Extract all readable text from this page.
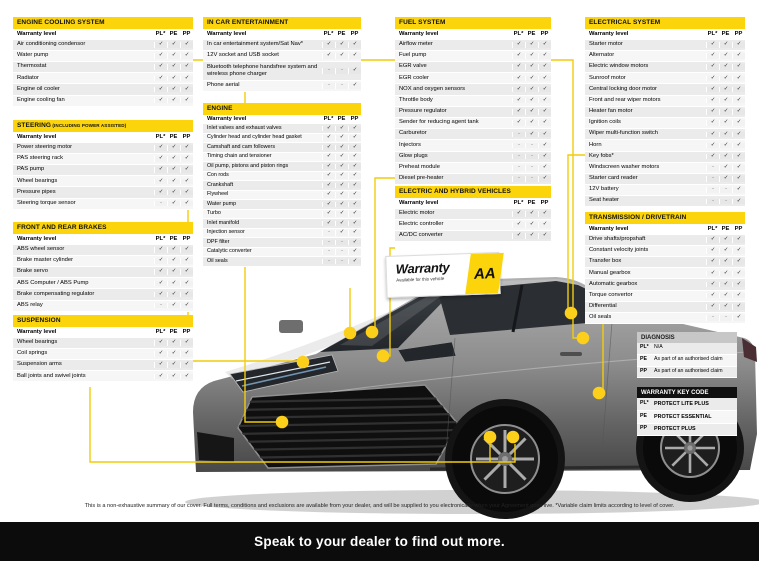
Warranty
Available for this vehicle	AA
ENGINE COOLING SYSTEM
Warranty level	PL* PE PP
Air conditioning condensor	✓	✓	✓
Water pump	✓	✓	✓
Thermostat	✓	✓	✓
Radiator	✓	✓	✓
Engine oil cooler	✓	✓	✓
Engine cooling fan	✓	✓	✓
STEERING (INCLUDING POWER ASSISTED)
Warranty level	PL* PE PP
Power steering motor	✓	✓	✓
PAS steering rack	✓	✓	✓
PAS pump	✓	✓	✓
Wheel bearings	✓	✓	✓
Pressure pipes	✓	✓	✓
Steering torque sensor	-	✓	✓
FRONT AND REAR BRAKES
Warranty level	PL* PE PP
ABS wheel sensor	✓	✓	✓
Brake master cylinder	✓	✓	✓
Brake servo	✓	✓	✓
ABS Computer / ABS Pump	✓	✓	✓
Brake compensating regulator	✓	✓	✓
ABS relay	-	✓	✓
SUSPENSION
Warranty level	PL* PE PP
Wheel bearings	✓	✓	✓
Coil springs	✓	✓	✓
Suspension arms	✓	✓	✓
Ball joints and swivel joints	✓	✓	✓
IN CAR ENTERTAINMENT
Warranty level	PL* PE PP
In car entertainment system/Sat Nav*	✓	✓	✓
12V socket and USB socket	✓	✓	✓
Bluetooth telephone handsfree system and wireless phone charger
-	-	✓
Phone aerial	-	-	✓
ENGINE
Warranty level	PL* PE PP
Inlet valves and exhaust valves	✓	✓	✓
Cylinder head and cylinder head gasket	✓	✓	✓
Camshaft and cam followers	✓	✓	✓
Timing chain and tensioner	✓	✓	✓
Oil pump, pistons and piston rings	✓	✓	✓
Con rods	✓	✓	✓
Crankshaft	✓	✓	✓
Flywheel	✓	✓	✓
Water pump	✓	✓	✓
Turbo	✓	✓	✓
Inlet manifold	✓	✓	✓
Injection sensor	-	✓	✓
DPF filter	-	-	✓
Catalytic converter	-	-	✓
Oil seals	-	-	✓
FUEL SYSTEM
Warranty level	PL* PE PP
Airflow meter	✓	✓	✓
Fuel pump	✓	✓	✓
EGR valve	✓	✓	✓
EGR cooler	✓	✓	✓
NOX and oxygen sensors	✓	✓	✓
Throttle body	✓	✓	✓
Pressure regulator	✓	✓	✓
Sender for reducing agent tank	✓	✓	✓
Carburetor	-	✓	✓
Injectors	-	-	✓
Glow plugs	-	-	✓
Preheat module	-	-	✓
Diesel pre-heater	-	-	✓
ELECTRIC AND HYBRID VEHICLES
Warranty level	PL* PE PP
Electric motor	✓	✓	✓
Electric controller	✓	✓	✓
AC/DC converter	✓	✓	✓
ELECTRICAL SYSTEM
Warranty level	PL* PE PP
Starter motor	✓	✓	✓
Alternator	✓	✓	✓
Electric window motors	✓	✓	✓
Sunroof motor	✓	✓	✓
Central locking door motor	✓	✓	✓
Front and rear wiper motors	✓	✓	✓
Heater fan motor	✓	✓	✓
Ignition coils	✓	✓	✓
Wiper multi-function switch	✓	✓	✓
Horn	✓	✓	✓
Key fobs*	✓	✓	✓
Windscreen washer motors	-	✓	✓
Starter card reader	-	✓	✓
12V battery	-	-	✓
Seat heater	-	-	✓
TRANSMISSION / DRIVETRAIN
Warranty level	PL* PE PP
Drive shafts/propshaft	✓	✓	✓
Constant velocity joints	✓	✓	✓
Transfer box	✓	✓	✓
Manual gearbox	✓	✓	✓
Automatic gearbox	✓	✓	✓
Torque convertor	✓	✓	✓
Differential	✓	✓	✓
Oil seals	-	-	✓
DIAGNOSIS
PL*	N/A
PE	As part of an authorised claim
PP	As part of an authorised claim
WARRANTY KEY CODE
PL* PROTECT LITE PLUS
PE	PROTECT ESSENTIAL
PP	PROTECT PLUS
This is a non-exhaustive summary of our cover. Full terms, conditions and exclusions are available from your dealer, and will be supplied to you electronically when your Agreement goes live. *Variable claim limits according to level of cover.
Speak to your dealer to find out more.
